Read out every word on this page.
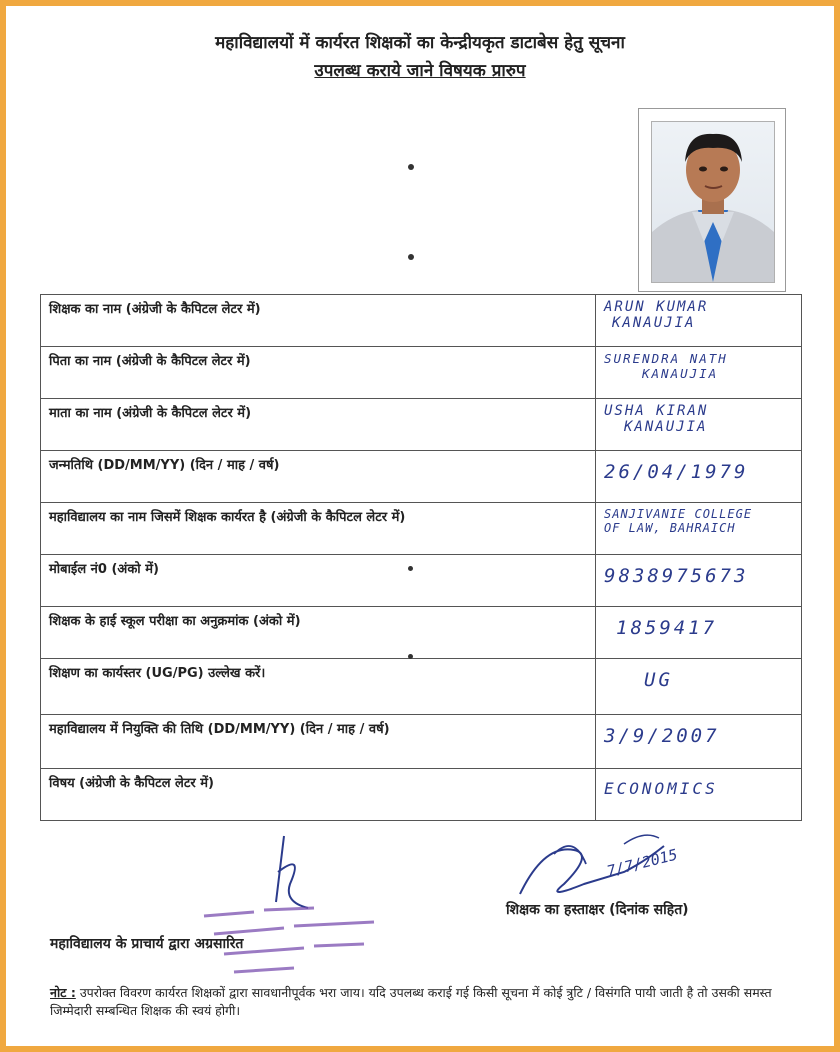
महाविद्यालयों में कार्यरत शिक्षकों का केन्द्रीयकृत डाटाबेस हेतु सूचना
उपलब्ध कराये जाने विषयक प्रारुप
शिक्षक का नाम (अंग्रेजी के कैपिटल लेटर में)	ARUN KUMAR
KANAUJIA

पिता का नाम (अंग्रेजी के कैपिटल लेटर में)	SURENDRA NATH
KANAUJIA

माता का नाम (अंग्रेजी के कैपिटल लेटर में)	USHA KIRAN
KANAUJIA

जन्मतिथि (DD/MM/YY) (दिन / माह / वर्ष)	26/04/1979

महाविद्यालय का नाम जिसमें शिक्षक कार्यरत है (अंग्रेजी के कैपिटल लेटर में)	SANJIVANIE COLLEGE
OF LAW, BAHRAICH

मोबाईल नं0 (अंको में)	9838975673

शिक्षक के हाई स्कूल परीक्षा का अनुक्रमांक (अंको में)	1859417

शिक्षण का कार्यस्तर (UG/PG) उल्लेख करें।	UG

महाविद्यालय में नियुक्ति की तिथि (DD/MM/YY) (दिन / माह / वर्ष)	3/9/2007

विषय (अंग्रेजी के कैपिटल लेटर में)	ECONOMICS
7/7/2015
शिक्षक का हस्ताक्षर (दिनांक सहित)
महाविद्यालय के प्राचार्य द्वारा अग्रसारित
नोट : उपरोक्त विवरण कार्यरत शिक्षकों द्वारा सावधानीपूर्वक भरा जाय। यदि उपलब्ध कराई गई किसी सूचना में कोई त्रुटि / विसंगति पायी जाती है तो उसकी समस्त जिम्मेदारी सम्बन्धित शिक्षक की स्वयं होगी।
